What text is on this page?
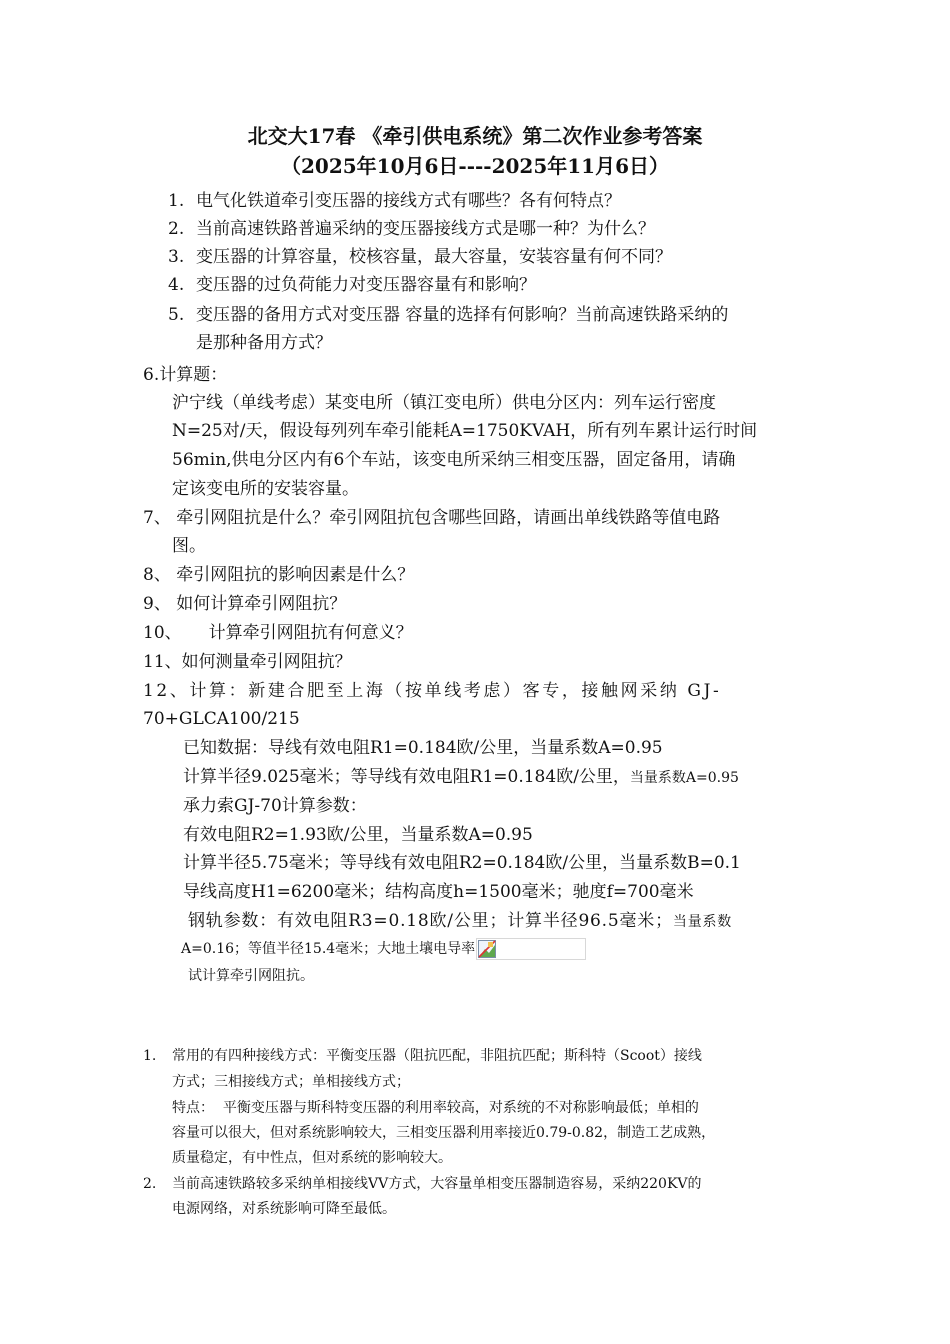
北交大17春 《牵引供电系统》第二次作业参考答案
（2025年10月6日----2025年11月6日）
1. 电气化铁道牵引变压器的接线方式有哪些？各有何特点？
2. 当前高速铁路普遍采纳的变压器接线方式是哪一种？为什么？
3. 变压器的计算容量，校核容量，最大容量，安装容量有何不同？
4. 变压器的过负荷能力对变压器容量有和影响？
5. 变压器的备用方式对变压器 容量的选择有何影响？当前高速铁路采纳的
是那种备用方式？
6.计算题：
沪宁线（单线考虑）某变电所（镇江变电所）供电分区内：列车运行密度
N=25对/天，假设每列列车牵引能耗A=1750KVAH，所有列车累计运行时间
56min,供电分区内有6个车站，该变电所采纳三相变压器，固定备用，请确
定该变电所的安装容量。
7、 牵引网阻抗是什么？牵引网阻抗包含哪些回路，请画出单线铁路等值电路
图。
8、 牵引网阻抗的影响因素是什么？
9、 如何计算牵引网阻抗？
10、     计算牵引网阻抗有何意义？
11、如何测量牵引网阻抗？
12、计算：新建合肥至上海（按单线考虑）客专，接触网采纳 GJ-
70+GLCA100/215
已知数据：导线有效电阻R1=0.184欧/公里，当量系数A=0.95
计算半径9.025毫米；等导线有效电阻R1=0.184欧/公里，当量系数A=0.95
承力索GJ-70计算参数：
有效电阻R2=1.93欧/公里，当量系数A=0.95
计算半径5.75毫米；等导线有效电阻R2=0.184欧/公里，当量系数B=0.1
导线高度H1=6200毫米；结构高度h=1500毫米；驰度f=700毫米
钢轨参数：有效电阻R3=0.18欧/公里；计算半径96.5毫米；当量系数
A=0.16；等值半径15.4毫米；大地土壤电导率
试计算牵引网阻抗。
1. 常用的有四种接线方式：平衡变压器（阻抗匹配，非阻抗匹配；斯科特（Scoot）接线
方式；三相接线方式；单相接线方式；
特点：  平衡变压器与斯科特变压器的利用率较高，对系统的不对称影响最低；单相的
容量可以很大，但对系统影响较大，三相变压器利用率接近0.79-0.82，制造工艺成熟，
质量稳定，有中性点，但对系统的影响较大。
2. 当前高速铁路较多采纳单相接线VV方式，大容量单相变压器制造容易，采纳220KV的
电源网络，对系统影响可降至最低。
